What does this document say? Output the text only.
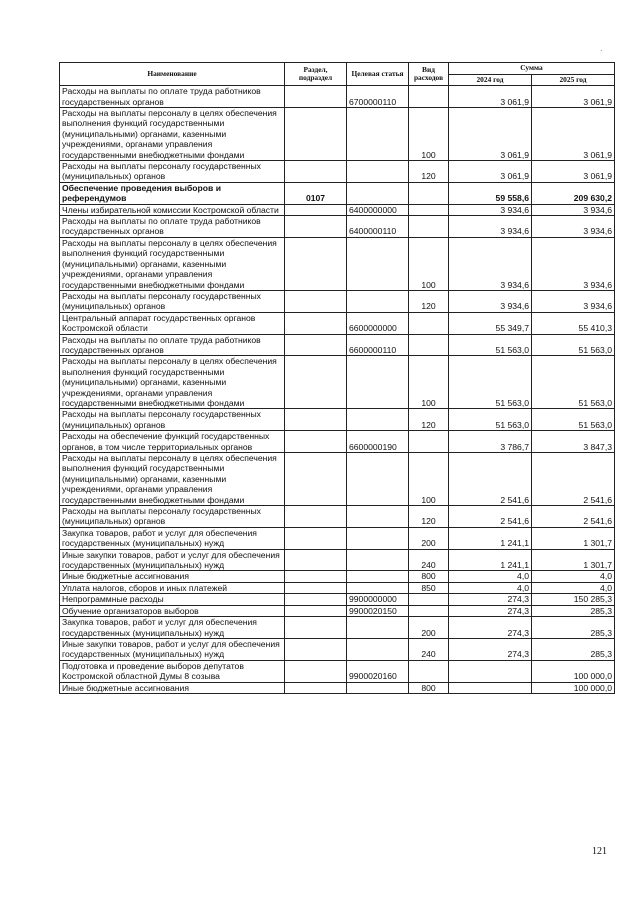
·
Наименование	Раздел, подраздел	Целевая статья	Вид расходов	Сумма	
				2024 год	2025 год
Расходы на выплаты по оплате труда работников государственных органов		6700000110		3 061,9	3 061,9
Расходы на выплаты персоналу в целях обеспечения выполнения функций государственными (муниципальными) органами, казенными учреждениями, органами управления государственными внебюджетными фондами			100	3 061,9	3 061,9
Расходы на выплаты персоналу государственных (муниципальных) органов			120	3 061,9	3 061,9
Обеспечение проведения выборов и референдумов	0107			59 558,6	209 630,2
Члены избирательной комиссии Костромской области		6400000000		3 934,6	3 934,6
Расходы на выплаты по оплате труда работников государственных органов		6400000110		3 934,6	3 934,6
Расходы на выплаты персоналу в целях обеспечения выполнения функций государственными (муниципальными) органами, казенными учреждениями, органами управления государственными внебюджетными фондами			100	3 934,6	3 934,6
Расходы на выплаты персоналу государственных (муниципальных) органов			120	3 934,6	3 934,6
Центральный аппарат государственных органов Костромской области		6600000000		55 349,7	55 410,3
Расходы на выплаты по оплате труда работников государственных органов		6600000110		51 563,0	51 563,0
Расходы на выплаты персоналу в целях обеспечения выполнения функций государственными (муниципальными) органами, казенными учреждениями, органами управления государственными внебюджетными фондами			100	51 563,0	51 563,0
Расходы на выплаты персоналу государственных (муниципальных) органов			120	51 563,0	51 563,0
Расходы на обеспечение функций государственных органов, в том числе территориальных органов		6600000190		3 786,7	3 847,3
Расходы на выплаты персоналу в целях обеспечения выполнения функций государственными (муниципальными) органами, казенными учреждениями, органами управления государственными внебюджетными фондами			100	2 541,6	2 541,6
Расходы на выплаты персоналу государственных (муниципальных) органов			120	2 541,6	2 541,6
Закупка товаров, работ и услуг для обеспечения государственных (муниципальных) нужд			200	1 241,1	1 301,7
Иные закупки товаров, работ и услуг для обеспечения государственных (муниципальных) нужд			240	1 241,1	1 301,7
Иные бюджетные ассигнования			800	4,0	4,0
Уплата налогов, сборов и иных платежей			850	4,0	4,0
Непрограммные расходы		9900000000		274,3	150 285,3
Обучение организаторов выборов		9900020150		274,3	285,3
Закупка товаров, работ и услуг для обеспечения государственных (муниципальных) нужд			200	274,3	285,3
Иные закупки товаров, работ и услуг для обеспечения государственных (муниципальных) нужд			240	274,3	285,3
Подготовка и проведение выборов депутатов Костромской областной Думы 8 созыва		9900020160			100 000,0
Иные бюджетные ассигнования			800		100 000,0
121
